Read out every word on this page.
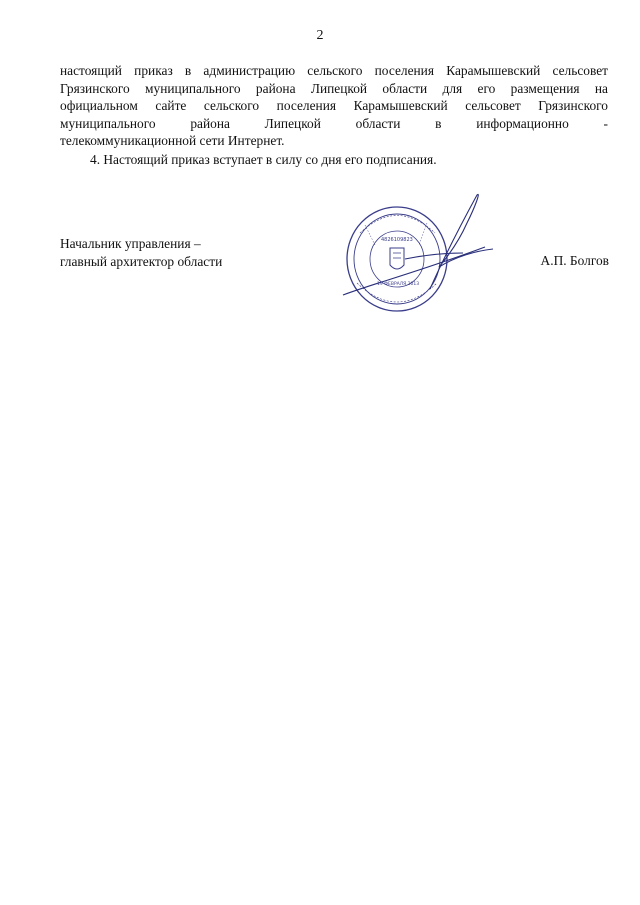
2
настоящий приказ в администрацию сельского поселения Карамышевский сельсовет
Грязинского муниципального района Липецкой области для его размещения на
официальном сайте сельского поселения Карамышевский сельсовет Грязинского
муниципального района Липецкой области в информационно -
телекоммуникационной сети Интернет.
4. Настоящий приказ вступает в силу со дня его подписания.
Начальник управления –
главный архитектор области	А.П. Болгов
4826109823
19 ФЕВРАЛЯ 2013
